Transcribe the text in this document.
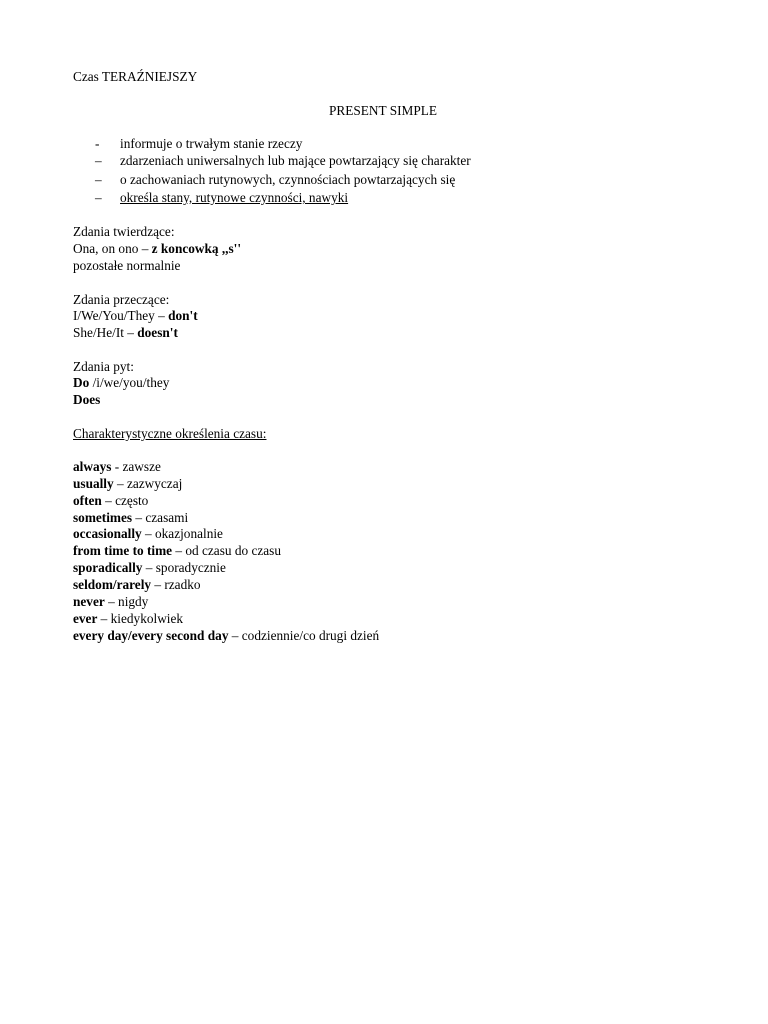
Czas TERAŹNIEJSZY
PRESENT SIMPLE
-	informuje o trwałym stanie rzeczy
–	zdarzeniach uniwersalnych lub mające powtarzający się charakter
–	o zachowaniach rutynowych, czynnościach powtarzających się
–	określa stany, rutynowe czynności, nawyki
Zdania twierdzące:
Ona, on ono – z koncowką ,,s''
pozostałe normalnie
Zdania przeczące:
I/We/You/They – don't
She/He/It – doesn't
Zdania pyt:
Do /i/we/you/they
Does
Charakterystyczne określenia czasu:
always - zawsze
usually – zazwyczaj
often – często
sometimes – czasami
occasionally – okazjonalnie
from time to time – od czasu do czasu
sporadically – sporadycznie
seldom/rarely – rzadko
never – nigdy
ever – kiedykolwiek
every day/every second day – codziennie/co drugi dzień
